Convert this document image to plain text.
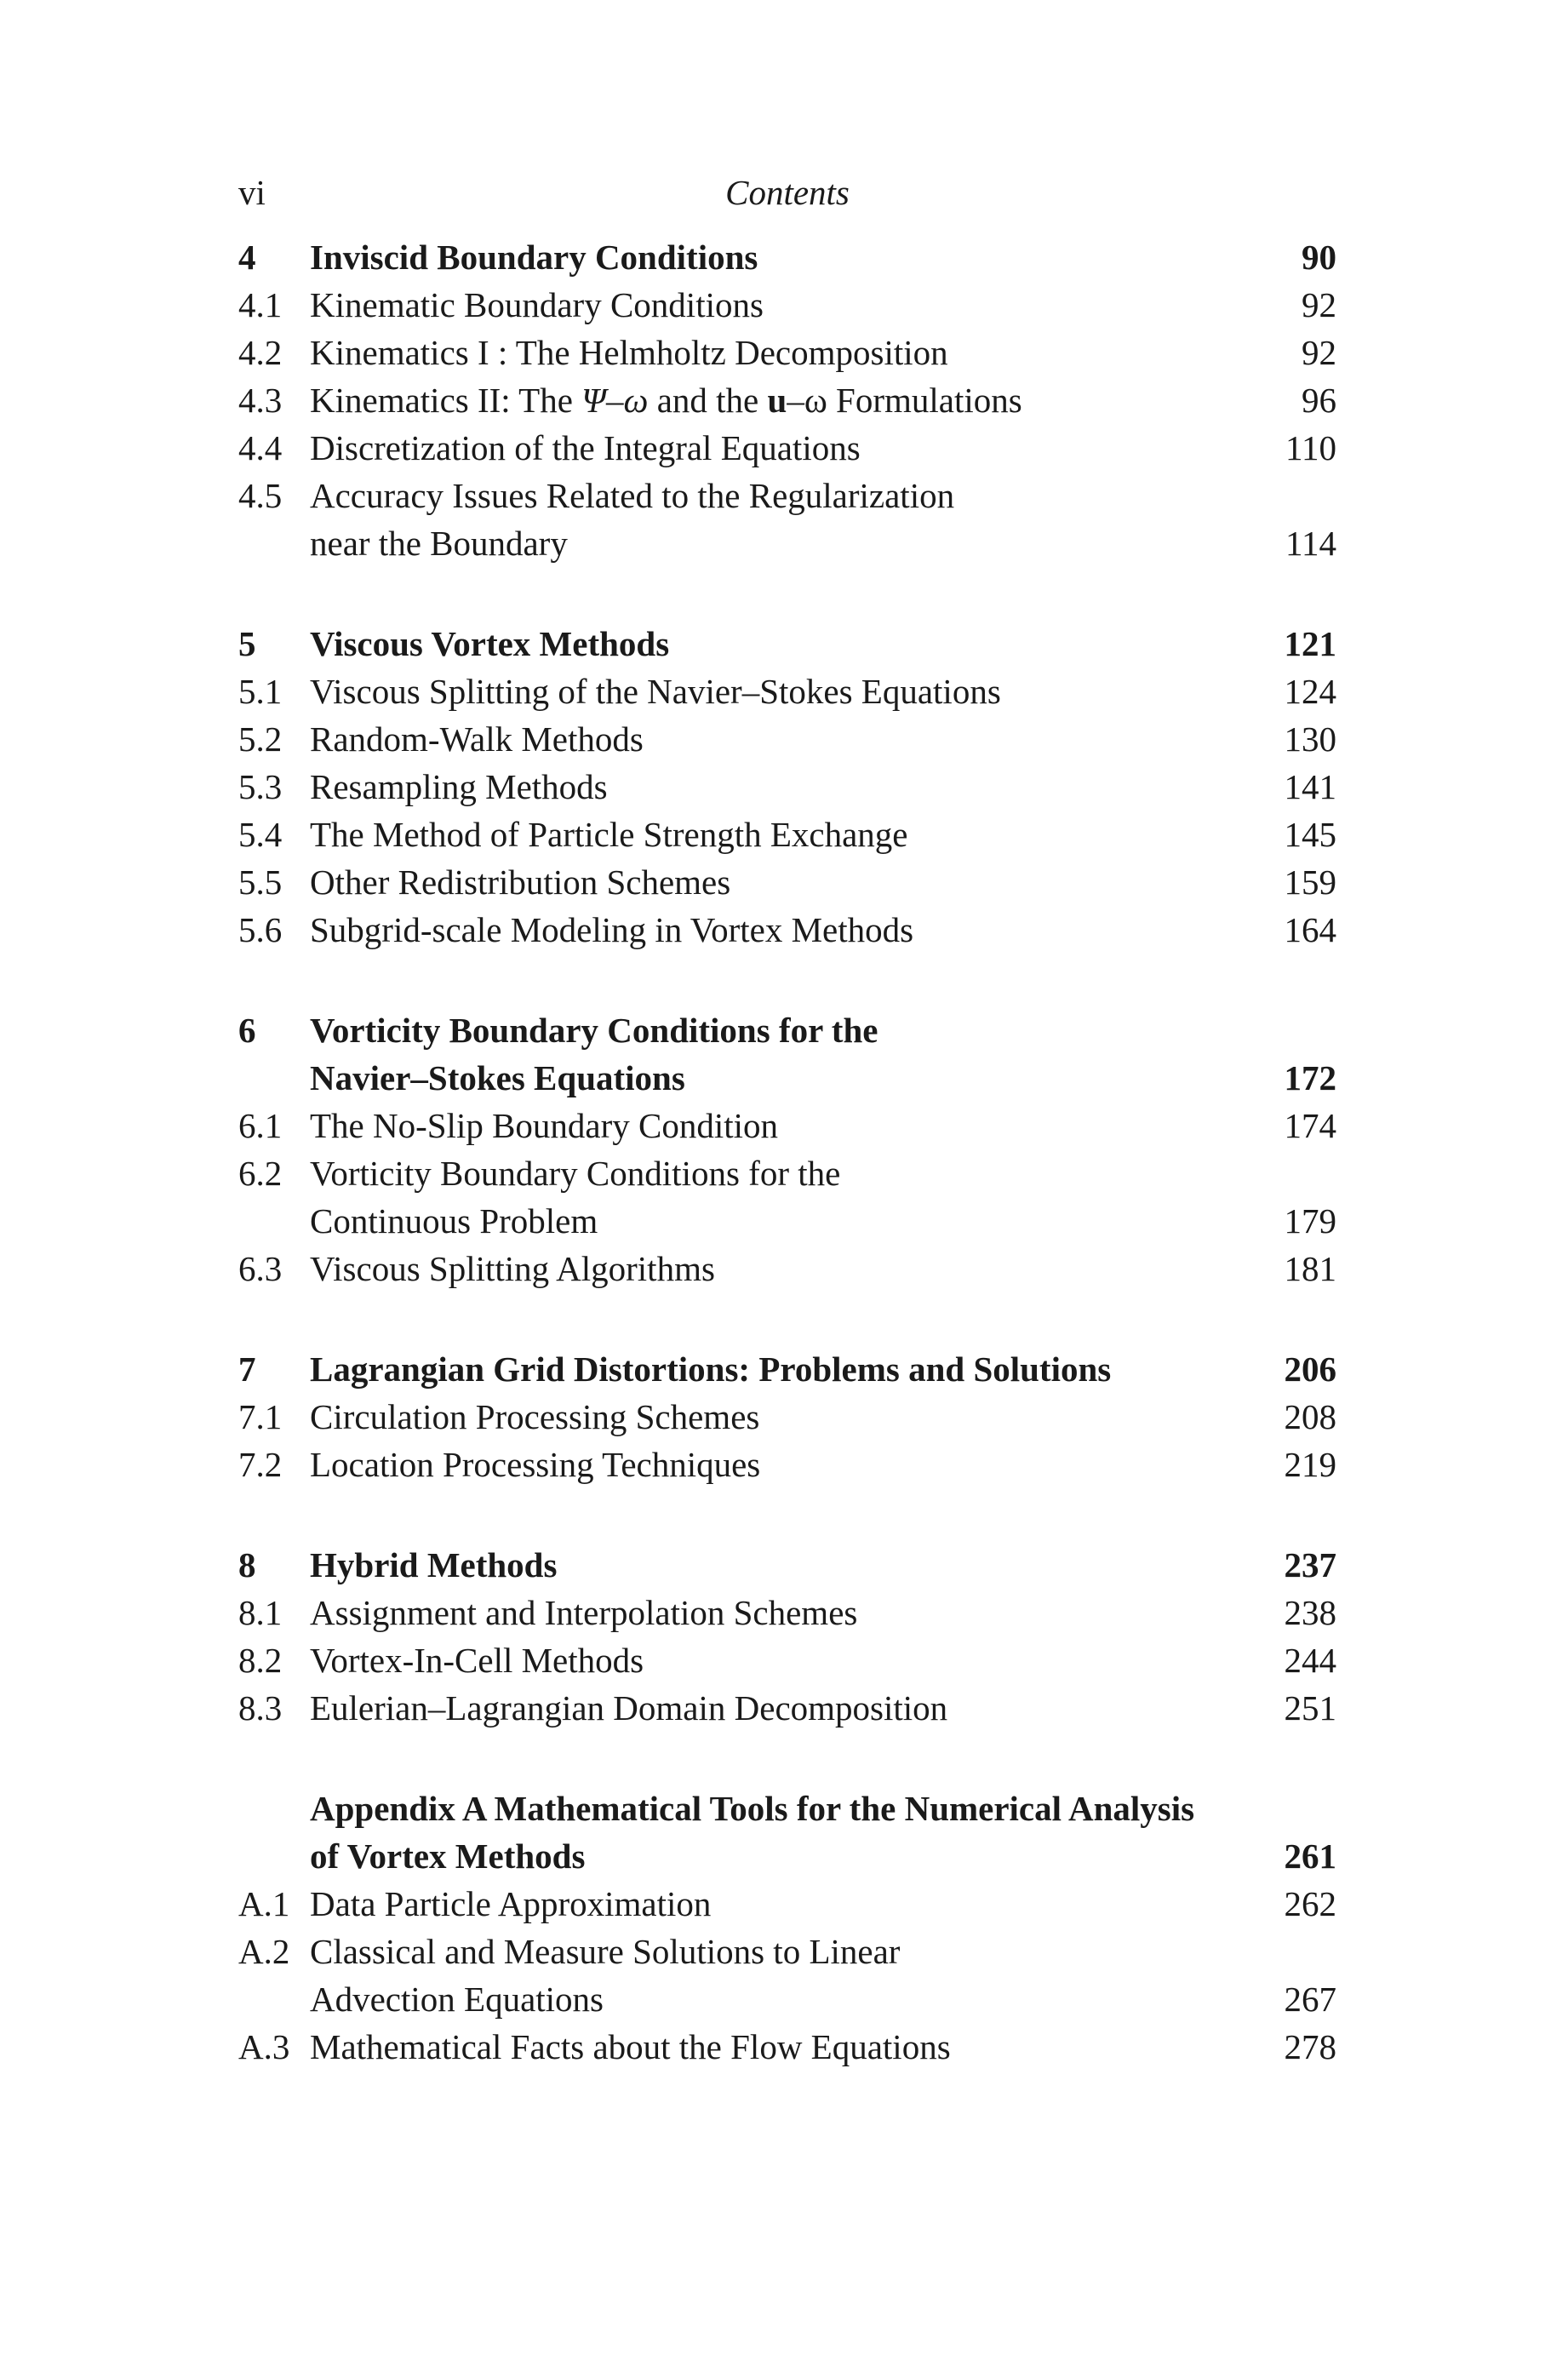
vi	Contents
4 Inviscid Boundary Conditions	90
4.1 Kinematic Boundary Conditions	92
4.2 Kinematics I : The Helmholtz Decomposition	92
4.3 Kinematics II: The Ψ–ω and the u–ω Formulations	96
4.4 Discretization of the Integral Equations	110
4.5 Accuracy Issues Related to the Regularization
near the Boundary	114
5 Viscous Vortex Methods	121
5.1 Viscous Splitting of the Navier–Stokes Equations	124
5.2 Random-Walk Methods	130
5.3 Resampling Methods	141
5.4 The Method of Particle Strength Exchange	145
5.5 Other Redistribution Schemes	159
5.6 Subgrid-scale Modeling in Vortex Methods	164
6 Vorticity Boundary Conditions for the
Navier–Stokes Equations	172
6.1 The No-Slip Boundary Condition	174
6.2 Vorticity Boundary Conditions for the
Continuous Problem	179
6.3 Viscous Splitting Algorithms	181
7 Lagrangian Grid Distortions: Problems and Solutions	206
7.1 Circulation Processing Schemes	208
7.2 Location Processing Techniques	219
8 Hybrid Methods	237
8.1 Assignment and Interpolation Schemes	238
8.2 Vortex-In-Cell Methods	244
8.3 Eulerian–Lagrangian Domain Decomposition	251
Appendix A Mathematical Tools for the Numerical Analysis
of Vortex Methods	261
A.1 Data Particle Approximation	262
A.2 Classical and Measure Solutions to Linear
Advection Equations	267
A.3 Mathematical Facts about the Flow Equations	278
